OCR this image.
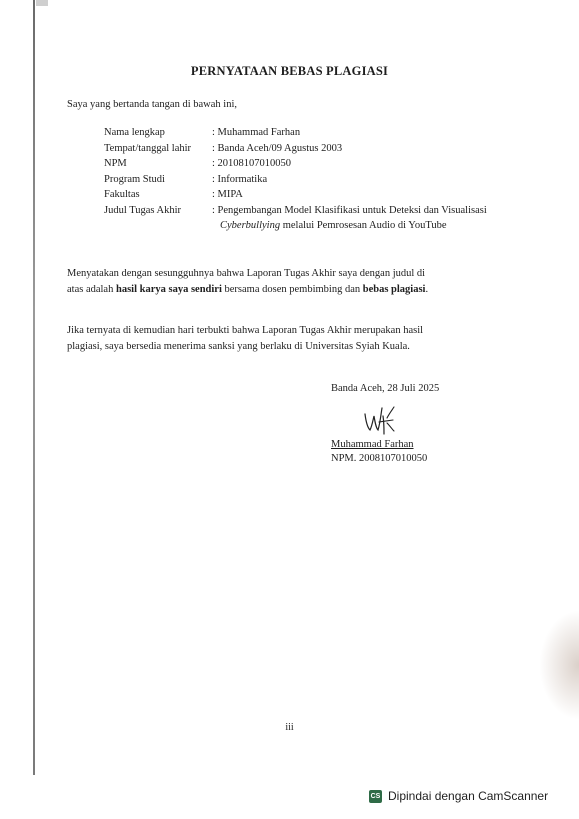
PERNYATAAN BEBAS PLAGIASI
Saya yang bertanda tangan di bawah ini,
Nama lengkap	: Muhammad Farhan
Tempat/tanggal lahir	: Banda Aceh/09 Agustus 2003
NPM	: 20108107010050
Program Studi	: Informatika
Fakultas	: MIPA
Judul Tugas Akhir	: Pengembangan Model Klasifikasi untuk Deteksi dan Visualisasi
Cyberbullying melalui Pemrosesan Audio di YouTube
Menyatakan dengan sesungguhnya bahwa Laporan Tugas Akhir saya dengan judul di
atas adalah hasil karya saya sendiri bersama dosen pembimbing dan bebas plagiasi.
Jika ternyata di kemudian hari terbukti bahwa Laporan Tugas Akhir merupakan hasil
plagiasi, saya bersedia menerima sanksi yang berlaku di Universitas Syiah Kuala.
Banda Aceh, 28 Juli 2025
Muhammad Farhan
NPM. 2008107010050
iii
CS Dipindai dengan CamScanner
